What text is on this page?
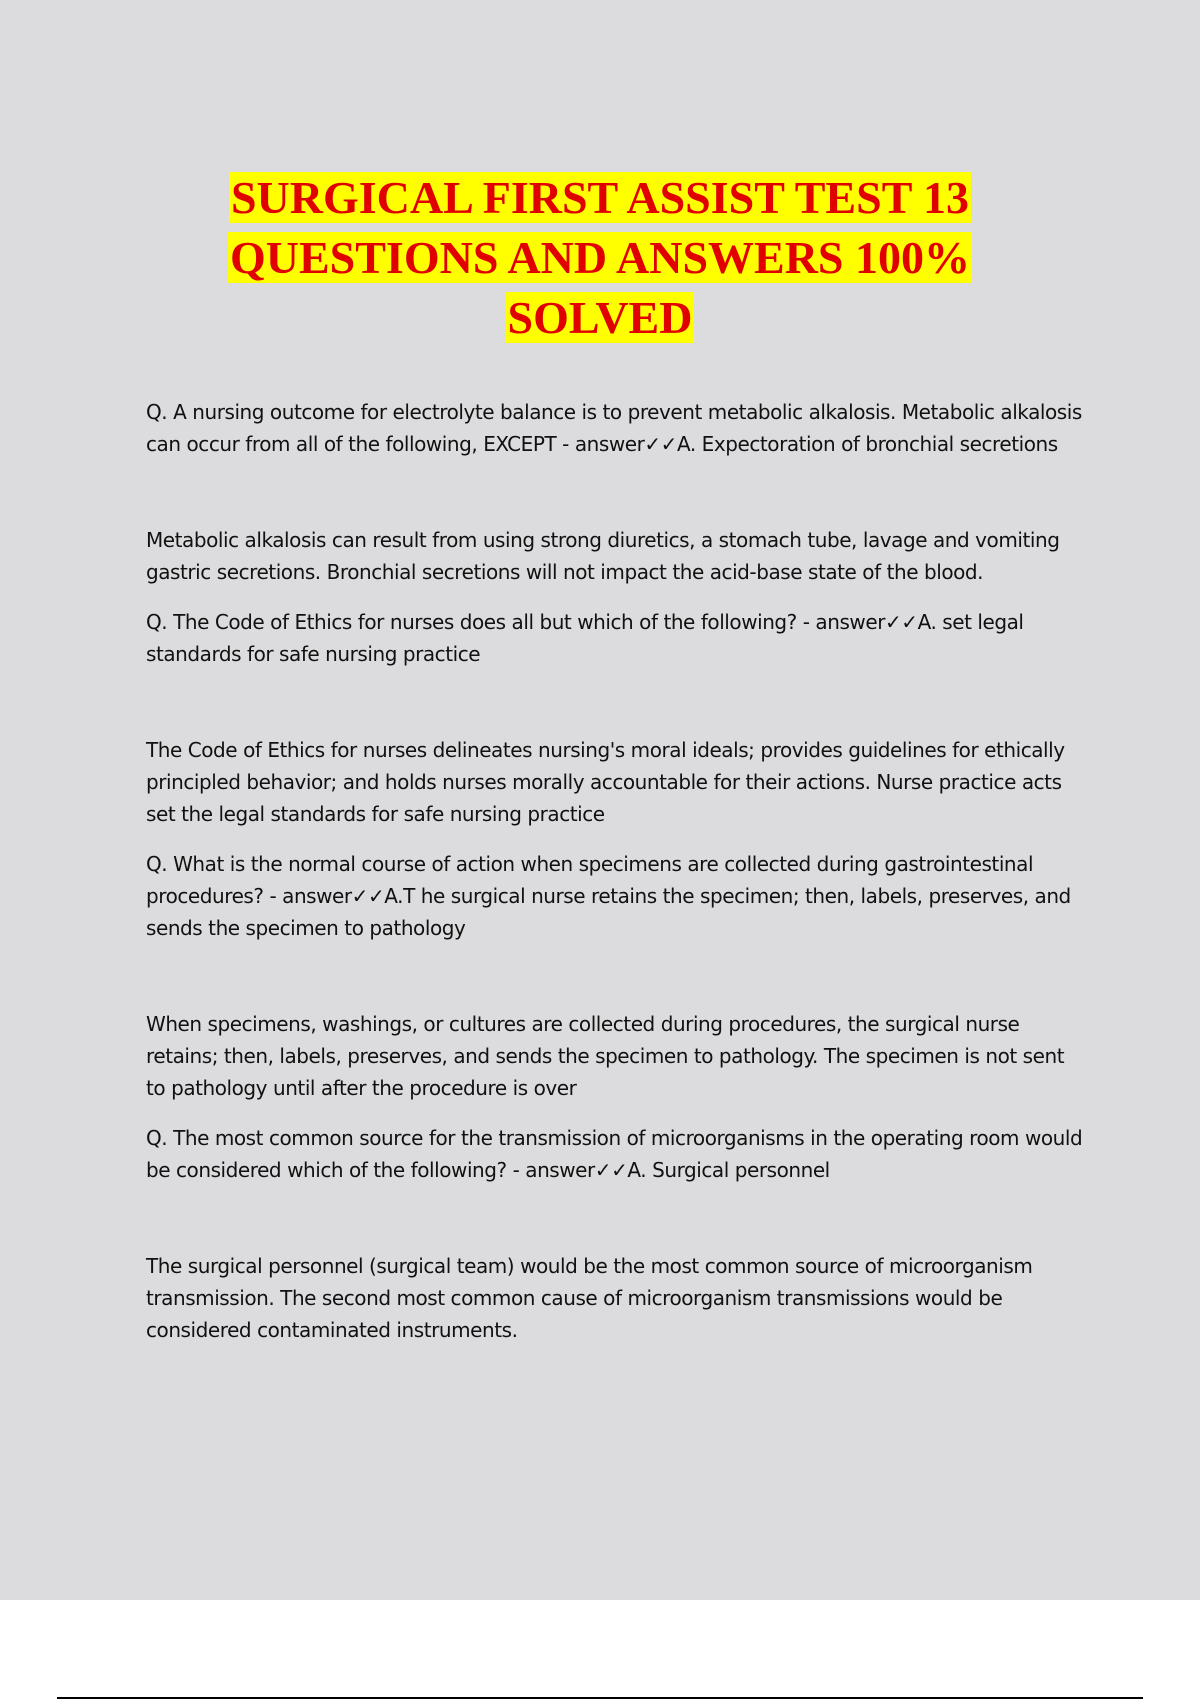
SURGICAL FIRST ASSIST TEST 13
QUESTIONS AND ANSWERS 100%
SOLVED

Q. A nursing outcome for electrolyte balance is to prevent metabolic alkalosis. Metabolic alkalosis can occur from all of the following, EXCEPT - answer✓✓A. Expectoration of bronchial secretions

Metabolic alkalosis can result from using strong diuretics, a stomach tube, lavage and vomiting gastric secretions. Bronchial secretions will not impact the acid-base state of the blood.

Q. The Code of Ethics for nurses does all but which of the following? - answer✓✓A. set legal standards for safe nursing practice

The Code of Ethics for nurses delineates nursing's moral ideals; provides guidelines for ethically principled behavior; and holds nurses morally accountable for their actions. Nurse practice acts set the legal standards for safe nursing practice

Q. What is the normal course of action when specimens are collected during gastrointestinal procedures? - answer✓✓A.T he surgical nurse retains the specimen; then, labels, preserves, and sends the specimen to pathology

When specimens, washings, or cultures are collected during procedures, the surgical nurse retains; then, labels, preserves, and sends the specimen to pathology. The specimen is not sent to pathology until after the procedure is over

Q. The most common source for the transmission of microorganisms in the operating room would be considered which of the following? - answer✓✓A. Surgical personnel

The surgical personnel (surgical team) would be the most common source of microorganism transmission. The second most common cause of microorganism transmissions would be considered contaminated instruments.
